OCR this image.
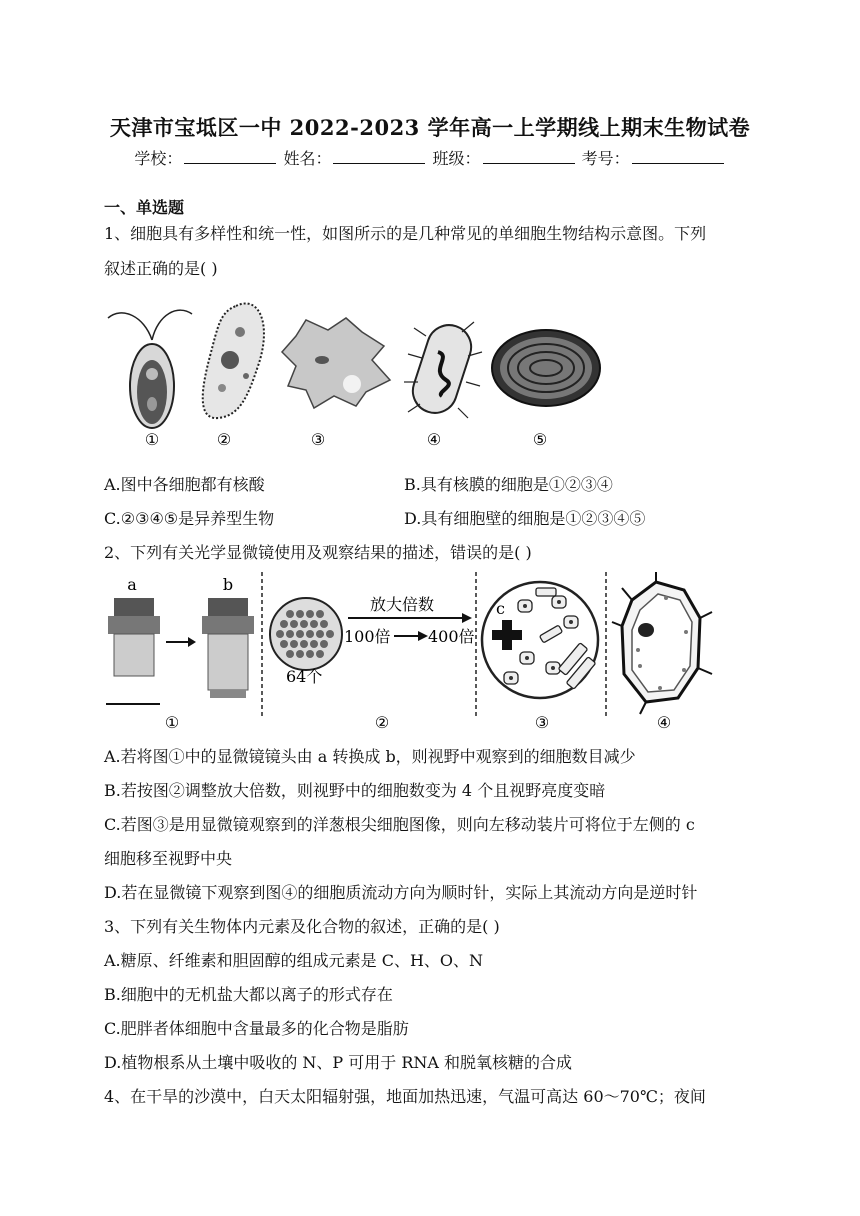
天津市宝坻区一中 2022-2023 学年高一上学期线上期末生物试卷
学校：	姓名：	班级：	考号：
一、单选题
1、细胞具有多样性和统一性，如图所示的是几种常见的单细胞生物结构示意图。下列
叙述正确的是( )
①	②	③	④	⑤
A.图中各细胞都有核酸	B.具有核膜的细胞是①②③④
C.②③④⑤是异养型生物	D.具有细胞壁的细胞是①②③④⑤
2、下列有关光学显微镜使用及观察结果的描述，错误的是( )
a	b
64个
放大倍数
100倍 400倍
c
①	②	③	④
A.若将图①中的显微镜镜头由 a 转换成 b，则视野中观察到的细胞数目减少
B.若按图②调整放大倍数，则视野中的细胞数变为 4 个且视野亮度变暗
C.若图③是用显微镜观察到的洋葱根尖细胞图像，则向左移动装片可将位于左侧的 c
细胞移至视野中央
D.若在显微镜下观察到图④的细胞质流动方向为顺时针，实际上其流动方向是逆时针
3、下列有关生物体内元素及化合物的叙述，正确的是( )
A.糖原、纤维素和胆固醇的组成元素是 C、H、O、N
B.细胞中的无机盐大都以离子的形式存在
C.肥胖者体细胞中含量最多的化合物是脂肪
D.植物根系从土壤中吸收的 N、P 可用于 RNA 和脱氧核糖的合成
4、在干旱的沙漠中，白天太阳辐射强，地面加热迅速，气温可高达 60～70℃；夜间
